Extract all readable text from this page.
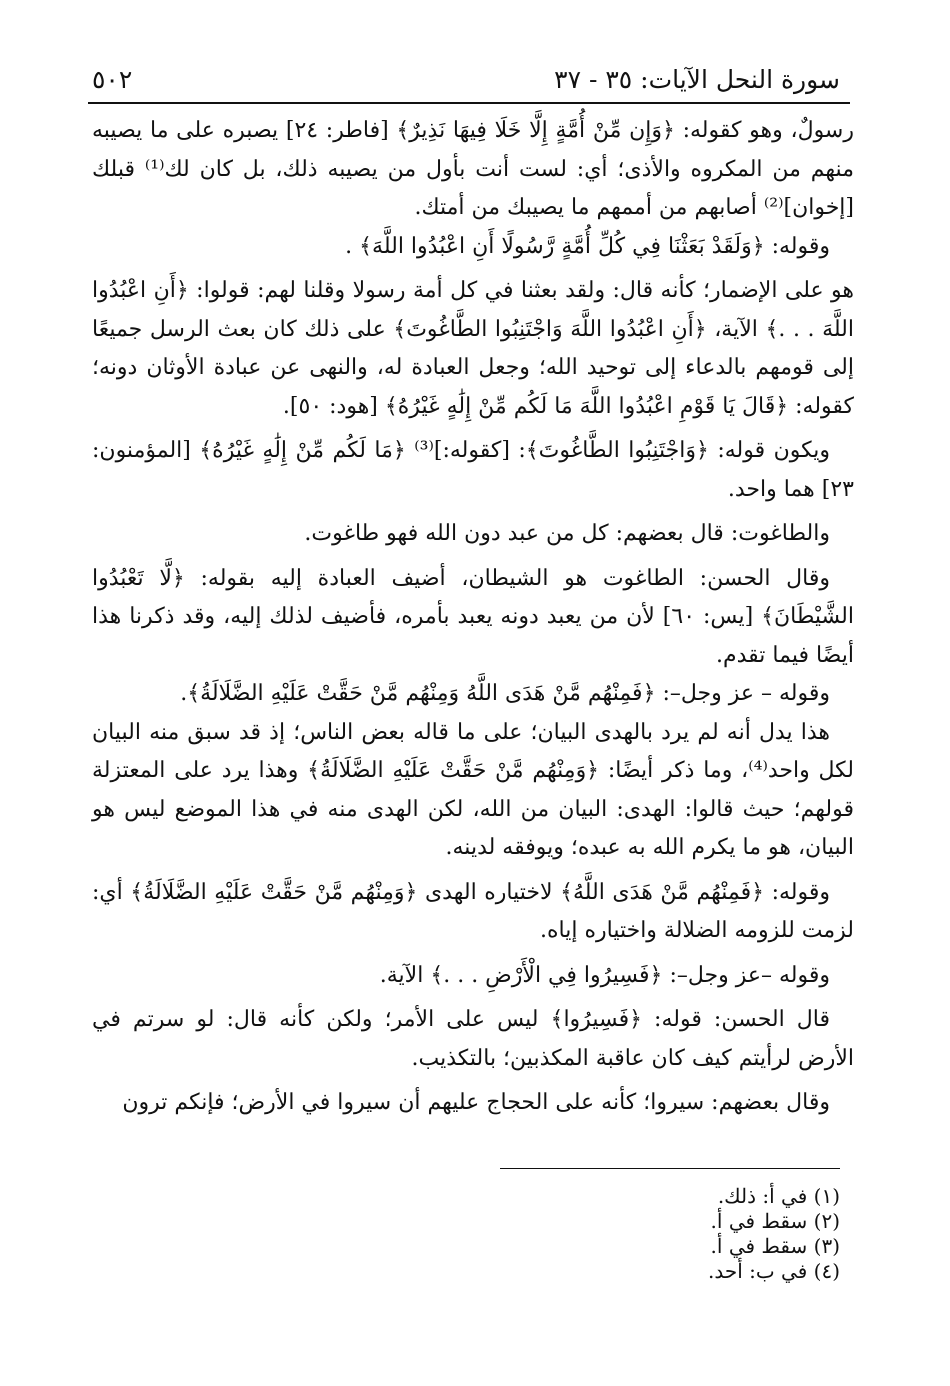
سورة النحل الآيات: ٣٥ - ٣٧
٥٠٢

رسولٌ، وهو كقوله: ﴿وَإِن مِّنْ أُمَّةٍ إِلَّا خَلَا فِيهَا نَذِيرٌ﴾ [فاطر: ٢٤] يصبره على ما يصيبه منهم من المكروه والأذى؛ أي: لست أنت بأول من يصيبه ذلك، بل كان لك⁽¹⁾ قبلك [إخوان]⁽²⁾ أصابهم من أممهم ما يصيبك من أمتك.

وقوله: ﴿وَلَقَدْ بَعَثْنَا فِي كُلِّ أُمَّةٍ رَّسُولًا أَنِ اعْبُدُوا اللَّهَ﴾ .

هو على الإضمار؛ كأنه قال: ولقد بعثنا في كل أمة رسولا وقلنا لهم: قولوا: ﴿أَنِ اعْبُدُوا اللَّهَ . . .﴾ الآية، ﴿أَنِ اعْبُدُوا اللَّهَ وَاجْتَنِبُوا الطَّاغُوتَ﴾ على ذلك كان بعث الرسل جميعًا إلى قومهم بالدعاء إلى توحيد الله؛ وجعل العبادة له، والنهى عن عبادة الأوثان دونه؛ كقوله: ﴿قَالَ يَا قَوْمِ اعْبُدُوا اللَّهَ مَا لَكُم مِّنْ إِلَٰهٍ غَيْرُهُ﴾ [هود: ٥٠].

ويكون قوله: ﴿وَاجْتَنِبُوا الطَّاغُوتَ﴾: [كقوله:]⁽³⁾ ﴿مَا لَكُم مِّنْ إِلَٰهٍ غَيْرُهُ﴾ [المؤمنون: ٢٣] هما واحد.

والطاغوت: قال بعضهم: كل من عبد دون الله فهو طاغوت.

وقال الحسن: الطاغوت هو الشيطان، أضيف العبادة إليه بقوله: ﴿لَّا تَعْبُدُوا الشَّيْطَانَ﴾ [يس: ٦٠] لأن من يعبد دونه يعبد بأمره، فأضيف لذلك إليه، وقد ذكرنا هذا أيضًا فيما تقدم.

وقوله – عز وجل–: ﴿فَمِنْهُم مَّنْ هَدَى اللَّهُ وَمِنْهُم مَّنْ حَقَّتْ عَلَيْهِ الضَّلَالَةُ﴾.

هذا يدل أنه لم يرد بالهدى البيان؛ على ما قاله بعض الناس؛ إذ قد سبق منه البيان لكل واحد⁽⁴⁾، وما ذكر أيضًا: ﴿وَمِنْهُم مَّنْ حَقَّتْ عَلَيْهِ الضَّلَالَةُ﴾ وهذا يرد على المعتزلة قولهم؛ حيث قالوا: الهدى: البيان من الله، لكن الهدى منه في هذا الموضع ليس هو البيان، هو ما يكرم الله به عبده؛ ويوفقه لدينه.

وقوله: ﴿فَمِنْهُم مَّنْ هَدَى اللَّهُ﴾ لاختياره الهدى ﴿وَمِنْهُم مَّنْ حَقَّتْ عَلَيْهِ الضَّلَالَةُ﴾ أي: لزمت للزومه الضلالة واختياره إياه.

وقوله –عز وجل–: ﴿فَسِيرُوا فِي الْأَرْضِ . . .﴾ الآية.

قال الحسن: قوله: ﴿فَسِيرُوا﴾ ليس على الأمر؛ ولكن كأنه قال: لو سرتم في الأرض لرأيتم كيف كان عاقبة المكذبين؛ بالتكذيب.

وقال بعضهم: سيروا؛ كأنه على الحجاج عليهم أن سيروا في الأرض؛ فإنكم ترون

(١) في أ: ذلك.

(٢) سقط في أ.

(٣) سقط في أ.

(٤) في ب: أحد.
